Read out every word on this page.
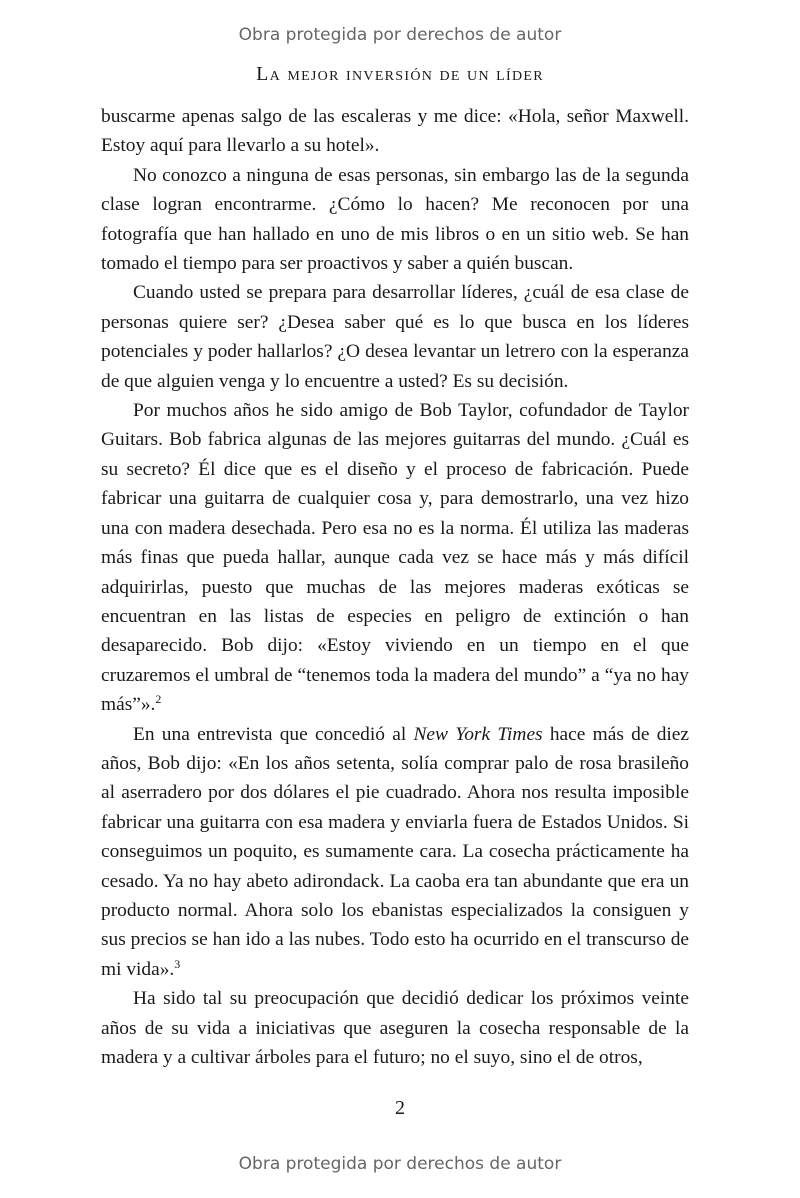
Obra protegida por derechos de autor
La mejor inversión de un líder

buscarme apenas salgo de las escaleras y me dice: «Hola, señor Maxwell. Estoy aquí para llevarlo a su hotel».

No conozco a ninguna de esas personas, sin embargo las de la segunda clase logran encontrarme. ¿Cómo lo hacen? Me reconocen por una fotografía que han hallado en uno de mis libros o en un sitio web. Se han tomado el tiempo para ser proactivos y saber a quién buscan.

Cuando usted se prepara para desarrollar líderes, ¿cuál de esa clase de personas quiere ser? ¿Desea saber qué es lo que busca en los líderes potenciales y poder hallarlos? ¿O desea levantar un letrero con la esperanza de que alguien venga y lo encuentre a usted? Es su decisión.

Por muchos años he sido amigo de Bob Taylor, cofundador de Taylor Guitars. Bob fabrica algunas de las mejores guitarras del mundo. ¿Cuál es su secreto? Él dice que es el diseño y el proceso de fabricación. Puede fabricar una guitarra de cualquier cosa y, para demostrarlo, una vez hizo una con madera desechada. Pero esa no es la norma. Él utiliza las maderas más finas que pueda hallar, aunque cada vez se hace más y más difícil adquirirlas, puesto que muchas de las mejores maderas exóticas se encuentran en las listas de especies en peligro de extinción o han desaparecido. Bob dijo: «Estoy viviendo en un tiempo en el que cruzaremos el umbral de “tenemos toda la madera del mundo” a “ya no hay más”».$^2$

En una entrevista que concedió al New York Times hace más de diez años, Bob dijo: «En los años setenta, solía comprar palo de rosa brasileño al aserradero por dos dólares el pie cuadrado. Ahora nos resulta imposible fabricar una guitarra con esa madera y enviarla fuera de Estados Unidos. Si conseguimos un poquito, es sumamente cara. La cosecha prácticamente ha cesado. Ya no hay abeto adirondack. La caoba era tan abundante que era un producto normal. Ahora solo los ebanistas especializados la consiguen y sus precios se han ido a las nubes. Todo esto ha ocurrido en el transcurso de mi vida».$^3$

Ha sido tal su preocupación que decidió dedicar los próximos veinte años de su vida a iniciativas que aseguren la cosecha responsable de la madera y a cultivar árboles para el futuro; no el suyo, sino el de otros,

2
Obra protegida por derechos de autor
